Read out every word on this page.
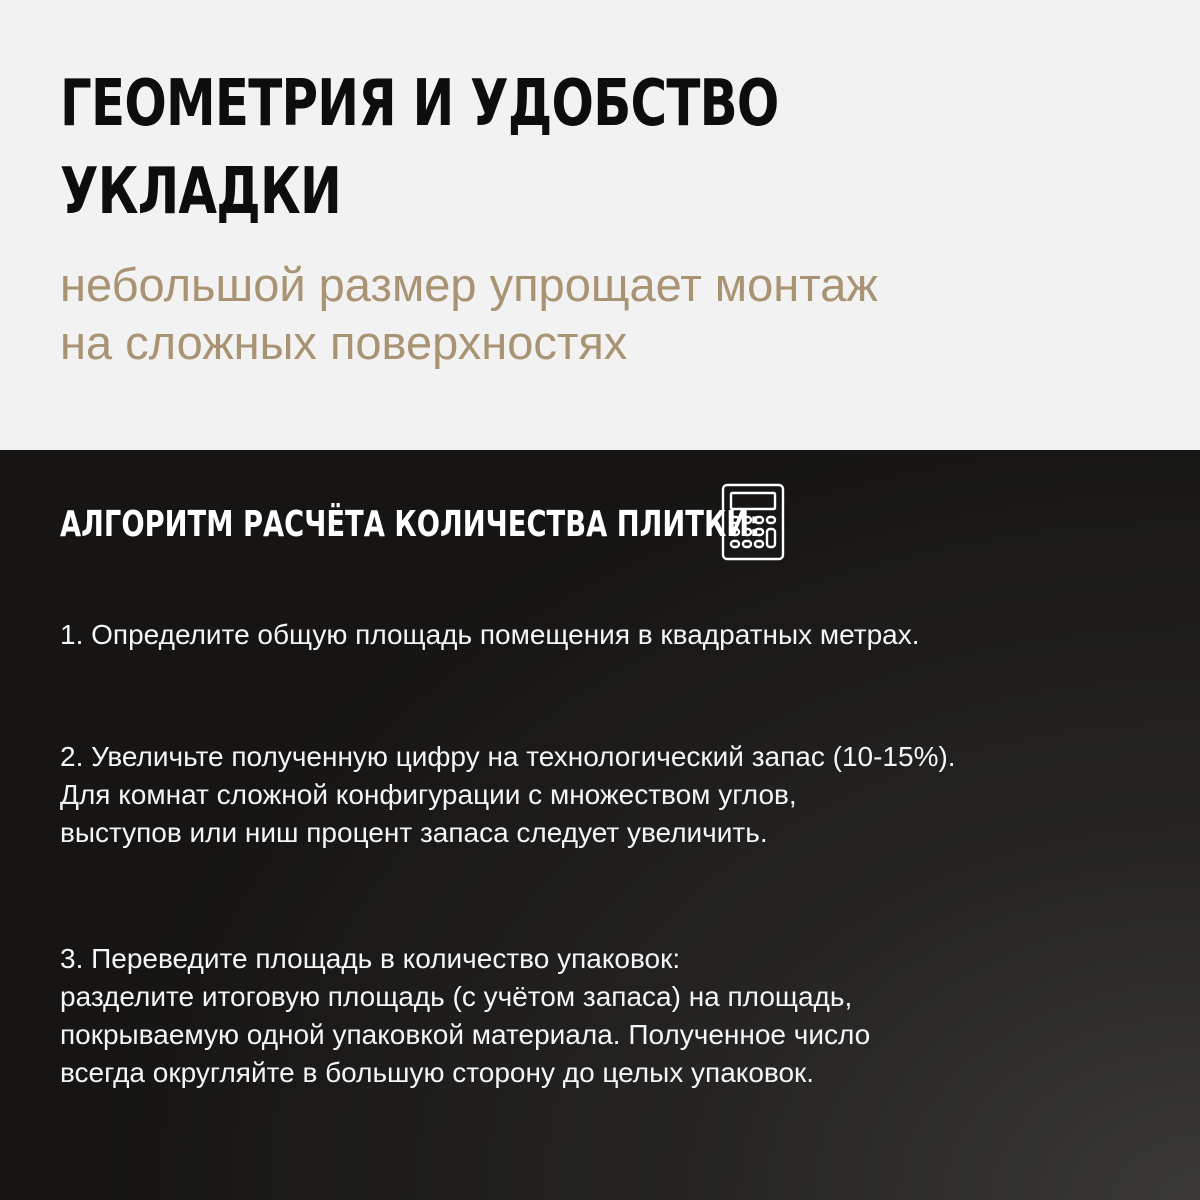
ГЕОМЕТРИЯ И УДОБСТВО
УКЛАДКИ
небольшой размер упрощает монтаж
на сложных поверхностях
АЛГОРИТМ РАСЧЁТА КОЛИЧЕСТВА ПЛИТКИ:
1. Определите общую площадь помещения в квадратных метрах.
2. Увеличьте полученную цифру на технологический запас (10-15%).
Для комнат сложной конфигурации с множеством углов,
выступов или ниш процент запаса следует увеличить.
3. Переведите площадь в количество упаковок:
разделите итоговую площадь (с учётом запаса) на площадь,
покрываемую одной упаковкой материала. Полученное число
всегда округляйте в большую сторону до целых упаковок.
